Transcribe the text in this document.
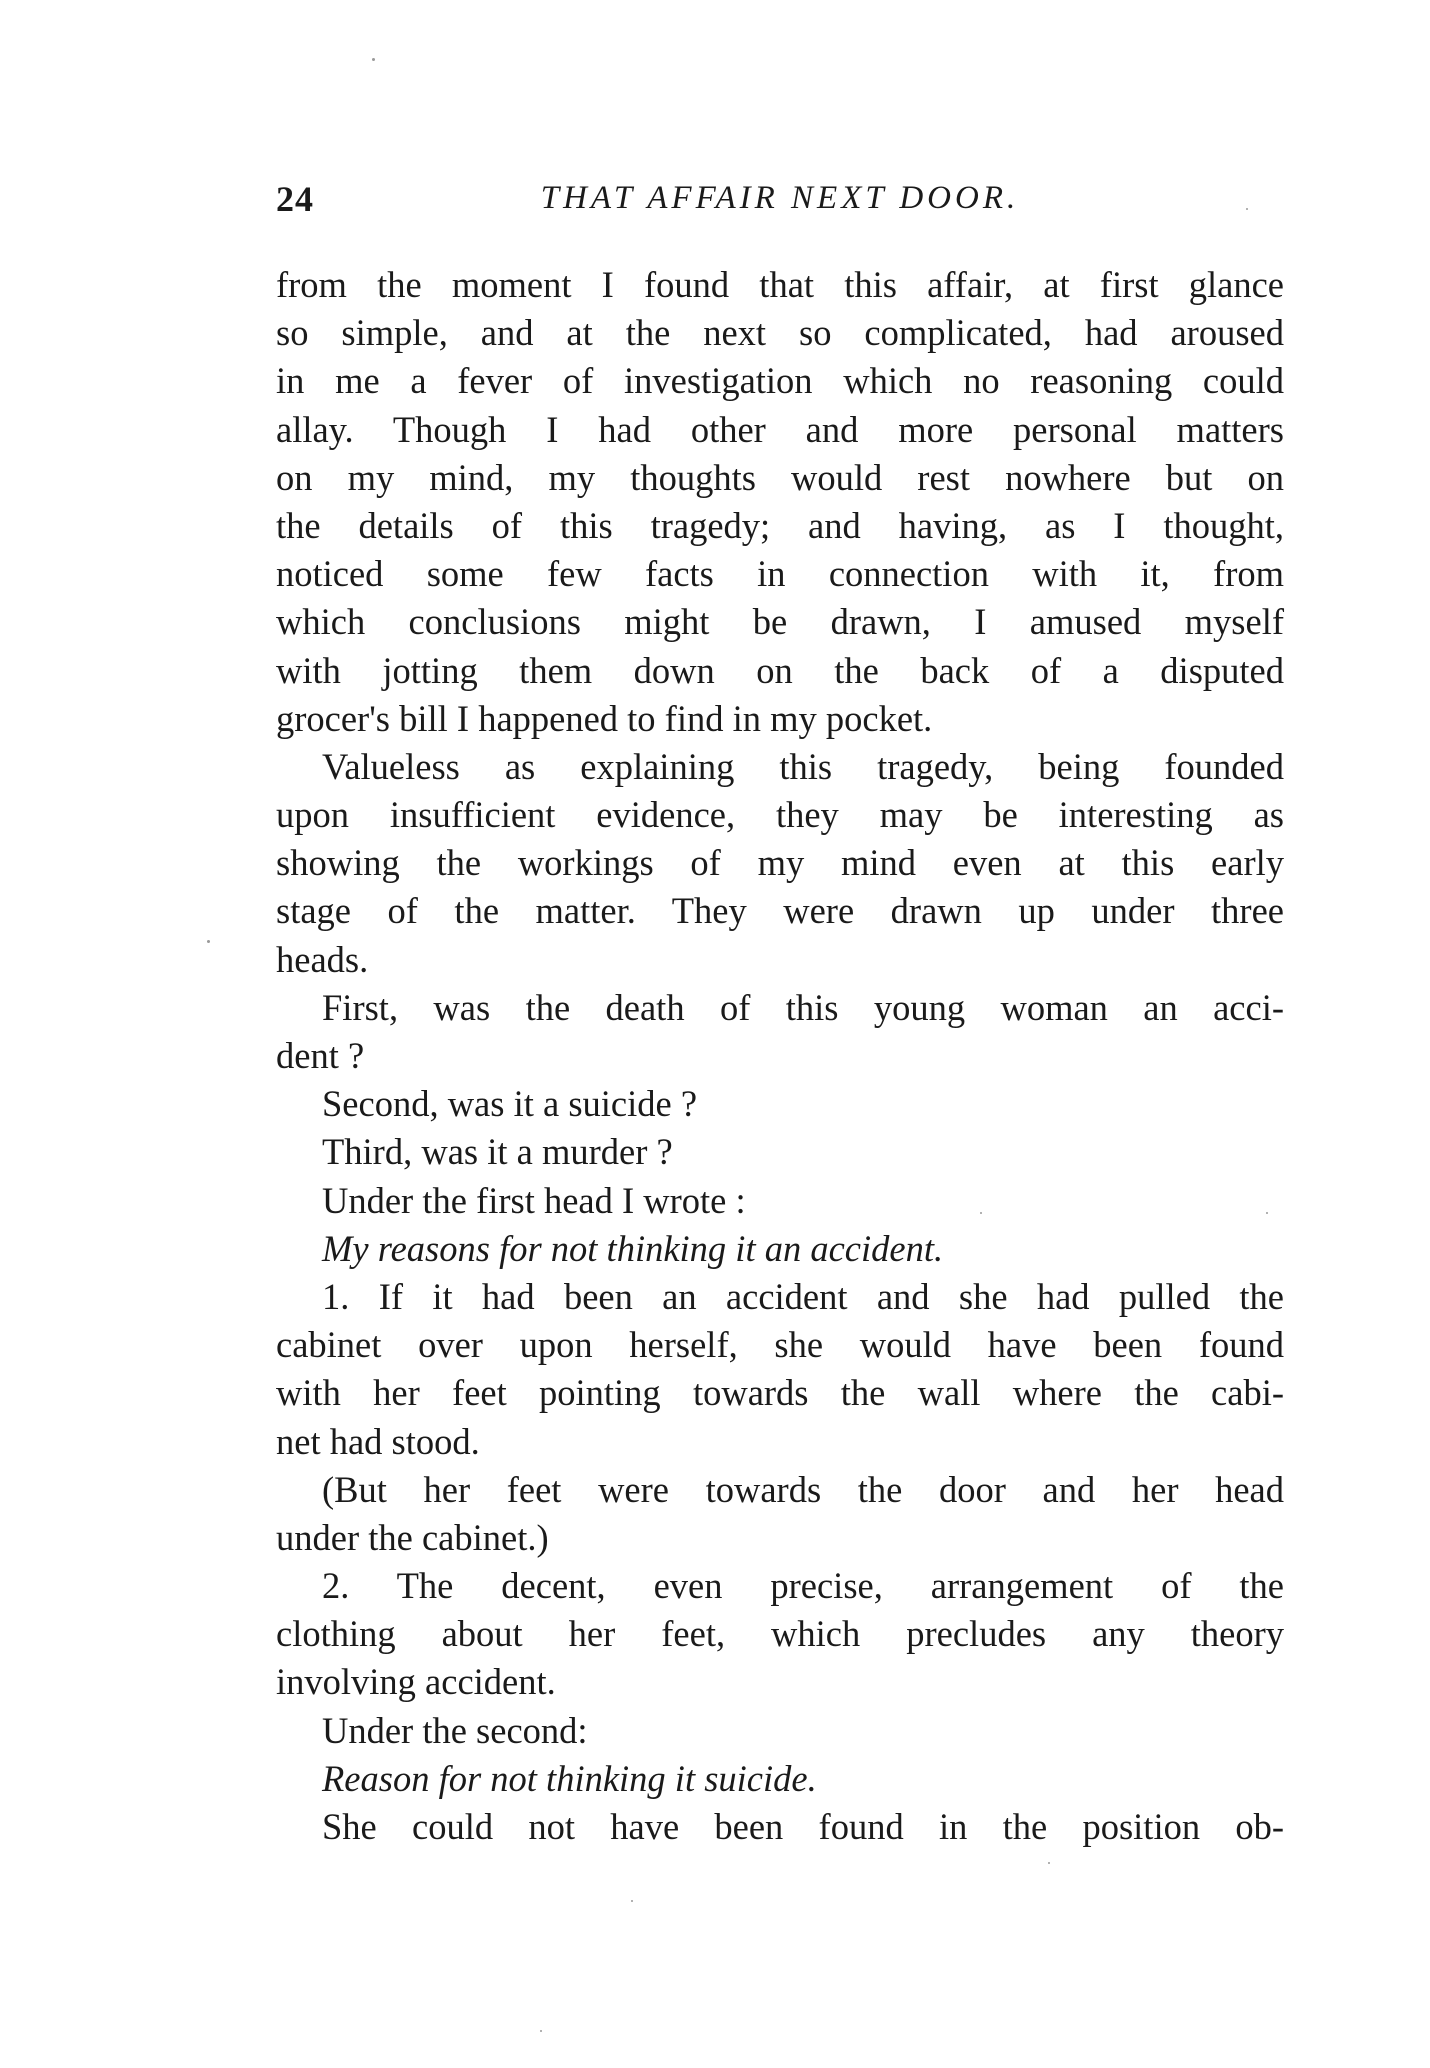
24	THAT AFFAIR NEXT DOOR.
from the moment I found that this affair, at first glance
so simple, and at the next so complicated, had aroused
in me a fever of investigation which no reasoning could
allay. Though I had other and more personal matters
on my mind, my thoughts would rest nowhere but on
the details of this tragedy; and having, as I thought,
noticed some few facts in connection with it, from
which conclusions might be drawn, I amused myself
with jotting them down on the back of a disputed
grocer's bill I happened to find in my pocket.
Valueless as explaining this tragedy, being founded
upon insufficient evidence, they may be interesting as
showing the workings of my mind even at this early
stage of the matter. They were drawn up under three
heads.
First, was the death of this young woman an acci-
dent ?
Second, was it a suicide ?
Third, was it a murder ?
Under the first head I wrote :
My reasons for not thinking it an accident.
1. If it had been an accident and she had pulled the
cabinet over upon herself, she would have been found
with her feet pointing towards the wall where the cabi-
net had stood.
(But her feet were towards the door and her head
under the cabinet.)
2. The decent, even precise, arrangement of the
clothing about her feet, which precludes any theory
involving accident.
Under the second:
Reason for not thinking it suicide.
She could not have been found in the position ob-
